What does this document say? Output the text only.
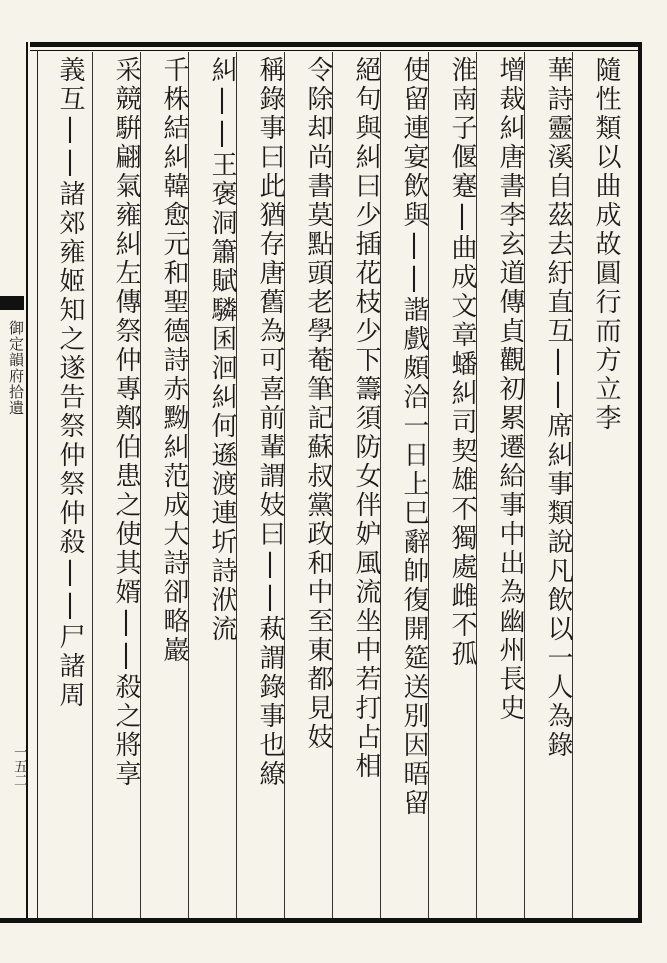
御定韻府拾遺
一五二
隨性類以曲成故圓行而方立李
華詩靈溪自茲去紆直互||席糾事類說凡飲以一人為錄
增裁糾唐書李玄道傳貞觀初累遷給事中出為幽州長史
淮南子偃蹇|曲成文章蟠糾司契雄不獨處雌不孤
使留連宴飲與||諧戲頗洽一日上巳辭帥復開筵送別因晤留
絕句與糾曰少插花枝少下籌須防女伴妒風流坐中若打占相
令除却尚書莫點頭老學菴筆記蘇叔黨政和中至東都見妓
稱錄事曰此猶存唐舊為可喜前輩謂妓曰||萟謂錄事也繚
糾||王褒洞簫賦驎囷洄糾何遜渡連圻詩洑流
千株結糾韓愈元和聖德詩赤黝糾范成大詩卻略巖
采競騈翩氣雍糾左傳祭仲專鄭伯患之使其婿||殺之將享
義互||諸郊雍姬知之遂告祭仲祭仲殺||尸諸周
